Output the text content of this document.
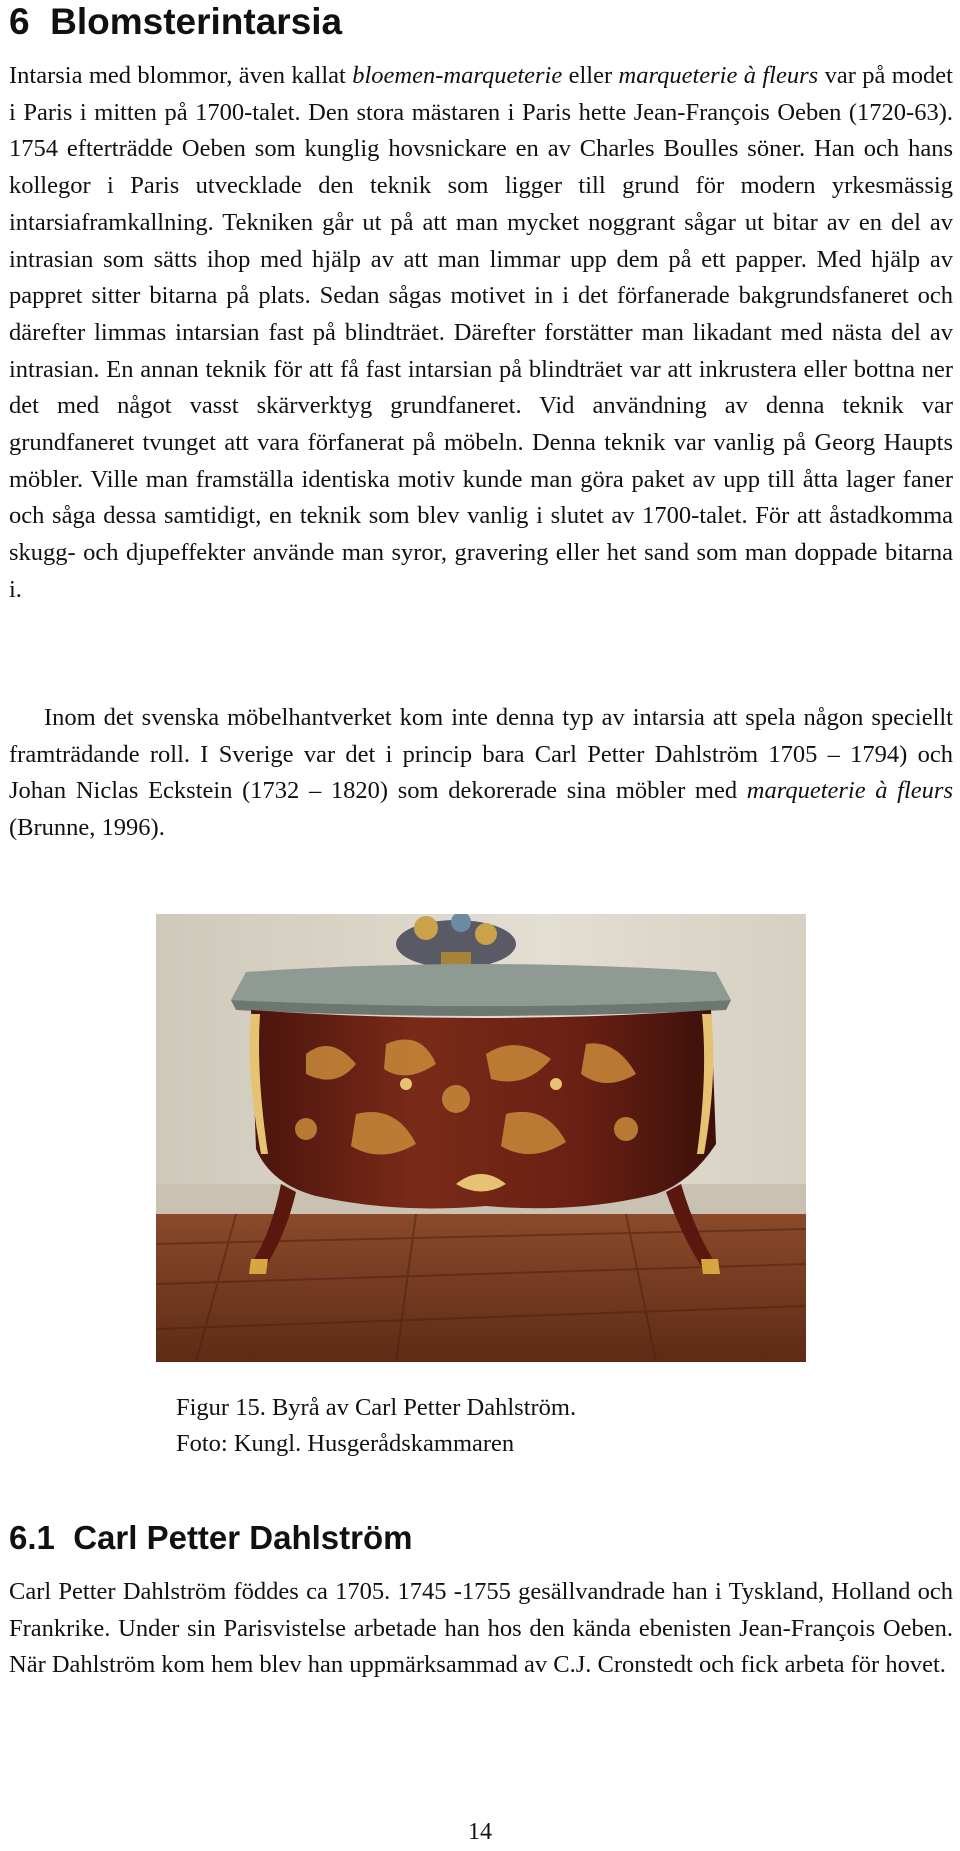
6 Blomsterintarsia

Intarsia med blommor, även kallat bloemen-marqueterie eller marqueterie à fleurs var på modet i Paris i mitten på 1700-talet. Den stora mästaren i Paris hette Jean-François Oeben (1720-63). 1754 efterträdde Oeben som kunglig hovsnickare en av Charles Boulles söner. Han och hans kollegor i Paris utvecklade den teknik som ligger till grund för modern yrkesmässig intarsiaframkallning. Tekniken går ut på att man mycket noggrant sågar ut bitar av en del av intrasian som sätts ihop med hjälp av att man limmar upp dem på ett papper. Med hjälp av pappret sitter bitarna på plats. Sedan sågas motivet in i det förfanerade bakgrundsfaneret och därefter limmas intarsian fast på blindträet. Därefter forstätter man likadant med nästa del av intrasian. En annan teknik för att få fast intarsian på blindträet var att inkrustera eller bottna ner det med något vasst skärverktyg grundfaneret. Vid användning av denna teknik var grundfaneret tvunget att vara förfanerat på möbeln. Denna teknik var vanlig på Georg Haupts möbler. Ville man framställa identiska motiv kunde man göra paket av upp till åtta lager faner och såga dessa samtidigt, en teknik som blev vanlig i slutet av 1700-talet. För att åstadkomma skugg- och djupeffekter använde man syror, gravering eller het sand som man doppade bitarna i.

Inom det svenska möbelhantverket kom inte denna typ av intarsia att spela någon speciellt framträdande roll. I Sverige var det i princip bara Carl Petter Dahlström 1705 – 1794) och Johan Niclas Eckstein (1732 – 1820) som dekorerade sina möbler med marqueterie à fleurs (Brunne, 1996).

Figur 15. Byrå av Carl Petter Dahlström.
Foto: Kungl. Husgerådskammaren
6.1 Carl Petter Dahlström

Carl Petter Dahlström föddes ca 1705. 1745 -1755 gesällvandrade han i Tyskland, Holland och Frankrike. Under sin Parisvistelse arbetade han hos den kända ebenisten Jean-François Oeben. När Dahlström kom hem blev han uppmärksammad av C.J. Cronstedt och fick arbeta för hovet.

14
